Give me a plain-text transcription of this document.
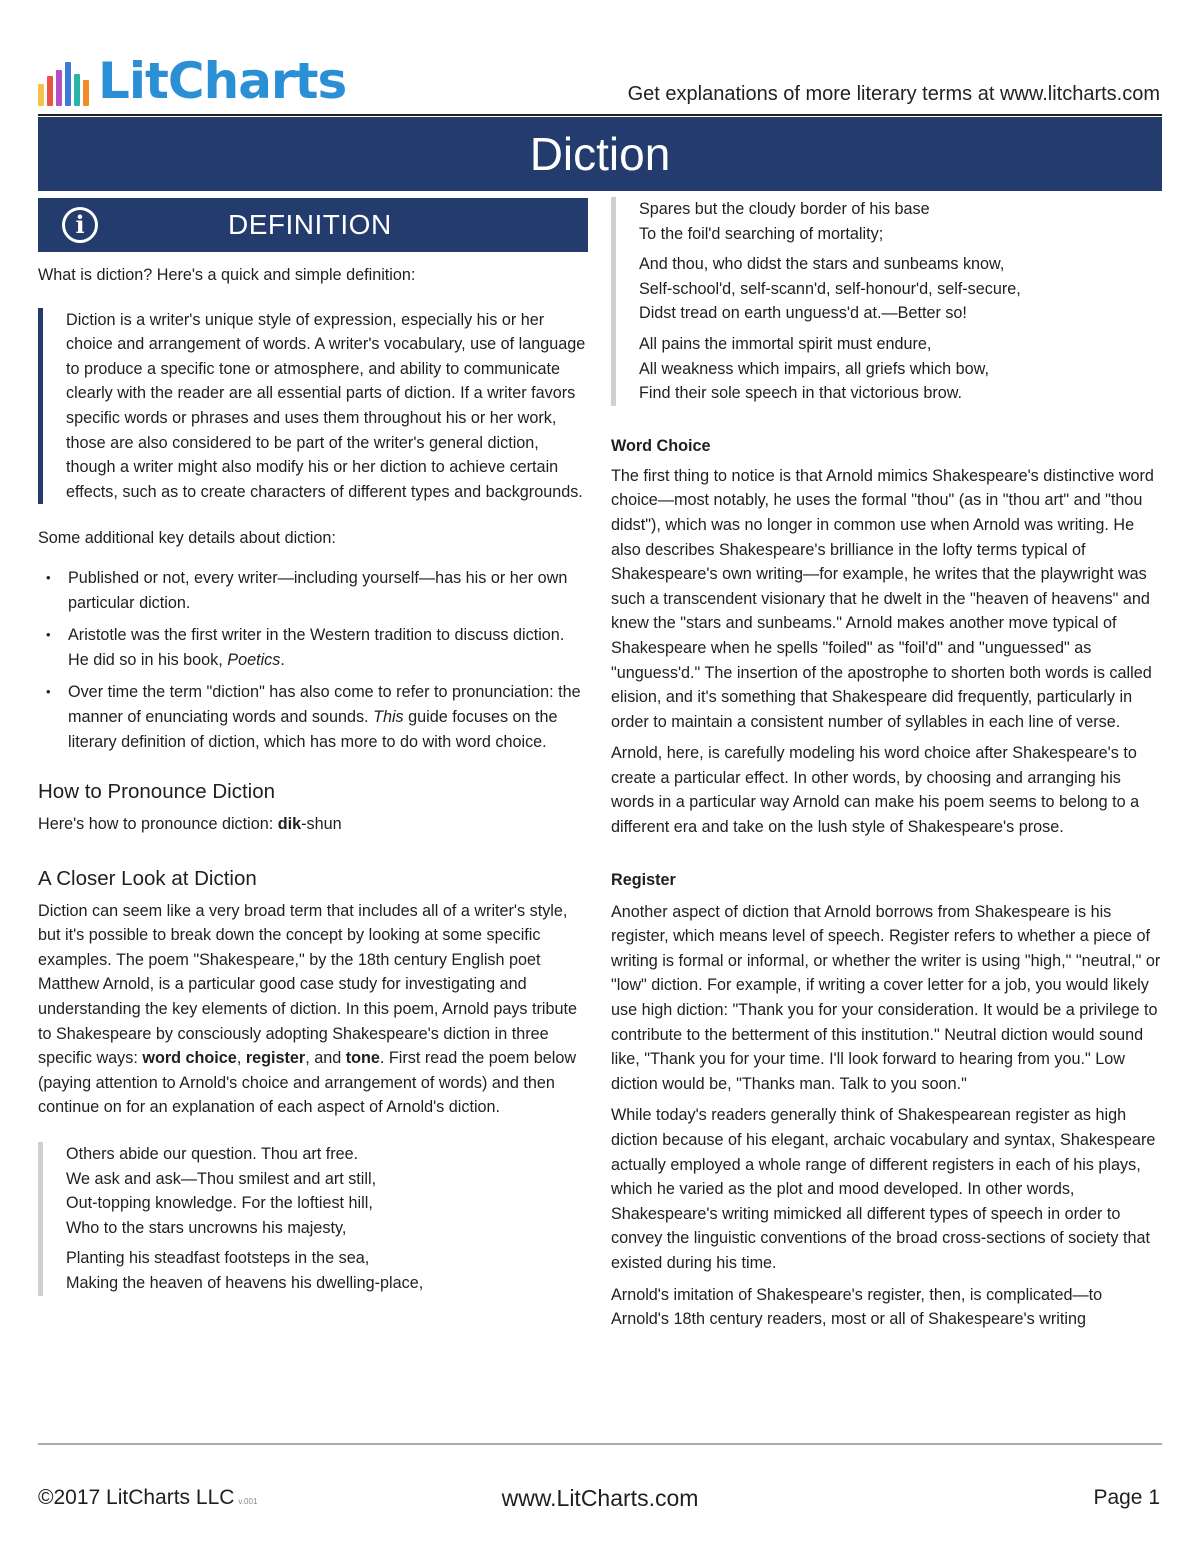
LitCharts	Get explanations of more literary terms at www.litcharts.com
Diction
i	DEFINITION

What is diction? Here's a quick and simple definition:

Diction is a writer's unique style of expression, especially his or her choice and arrangement of words. A writer's vocabulary, use of language to produce a specific tone or atmosphere, and ability to communicate clearly with the reader are all essential parts of diction. If a writer favors specific words or phrases and uses them throughout his or her work, those are also considered to be part of the writer's general diction, though a writer might also modify his or her diction to achieve certain effects, such as to create characters of different types and backgrounds.

Some additional key details about diction:

• Published or not, every writer—including yourself—has his or her own particular diction.
• Aristotle was the first writer in the Western tradition to discuss diction. He did so in his book, Poetics.
• Over time the term "diction" has also come to refer to pronunciation: the manner of enunciating words and sounds. This guide focuses on the literary definition of diction, which has more to do with word choice.
How to Pronounce Diction

Here's how to pronounce diction: dik-shun

A Closer Look at Diction

Diction can seem like a very broad term that includes all of a writer's style, but it's possible to break down the concept by looking at some specific examples. The poem "Shakespeare," by the 18th century English poet Matthew Arnold, is a particular good case study for investigating and understanding the key elements of diction. In this poem, Arnold pays tribute to Shakespeare by consciously adopting Shakespeare's diction in three specific ways: word choice, register, and tone. First read the poem below (paying attention to Arnold's choice and arrangement of words) and then continue on for an explanation of each aspect of Arnold's diction.

Others abide our question. Thou art free.
We ask and ask—Thou smilest and art still,
Out-topping knowledge. For the loftiest hill,
Who to the stars uncrowns his majesty,
Planting his steadfast footsteps in the sea,
Making the heaven of heavens his dwelling-place,
Spares but the cloudy border of his base
To the foil'd searching of mortality;
And thou, who didst the stars and sunbeams know,
Self-school'd, self-scann'd, self-honour'd, self-secure,
Didst tread on earth unguess'd at.—Better so!
All pains the immortal spirit must endure,
All weakness which impairs, all griefs which bow,
Find their sole speech in that victorious brow.
Word Choice

The first thing to notice is that Arnold mimics Shakespeare's distinctive word choice—most notably, he uses the formal "thou" (as in "thou art" and "thou didst"), which was no longer in common use when Arnold was writing. He also describes Shakespeare's brilliance in the lofty terms typical of Shakespeare's own writing—for example, he writes that the playwright was such a transcendent visionary that he dwelt in the "heaven of heavens" and knew the "stars and sunbeams." Arnold makes another move typical of Shakespeare when he spells "foiled" as "foil'd" and "unguessed" as "unguess'd." The insertion of the apostrophe to shorten both words is called elision, and it's something that Shakespeare did frequently, particularly in order to maintain a consistent number of syllables in each line of verse.

Arnold, here, is carefully modeling his word choice after Shakespeare's to create a particular effect. In other words, by choosing and arranging his words in a particular way Arnold can make his poem seems to belong to a different era and take on the lush style of Shakespeare's prose.

Register

Another aspect of diction that Arnold borrows from Shakespeare is his register, which means level of speech. Register refers to whether a piece of writing is formal or informal, or whether the writer is using "high," "neutral," or "low" diction. For example, if writing a cover letter for a job, you would likely use high diction: "Thank you for your consideration. It would be a privilege to contribute to the betterment of this institution." Neutral diction would sound like, "Thank you for your time. I'll look forward to hearing from you." Low diction would be, "Thanks man. Talk to you soon."

While today's readers generally think of Shakespearean register as high diction because of his elegant, archaic vocabulary and syntax, Shakespeare actually employed a whole range of different registers in each of his plays, which he varied as the plot and mood developed. In other words, Shakespeare's writing mimicked all different types of speech in order to convey the linguistic conventions of the broad cross-sections of society that existed during his time.

Arnold's imitation of Shakespeare's register, then, is complicated—to Arnold's 18th century readers, most or all of Shakespeare's writing

©2017 LitCharts LLC v.001	www.LitCharts.com	Page 1
